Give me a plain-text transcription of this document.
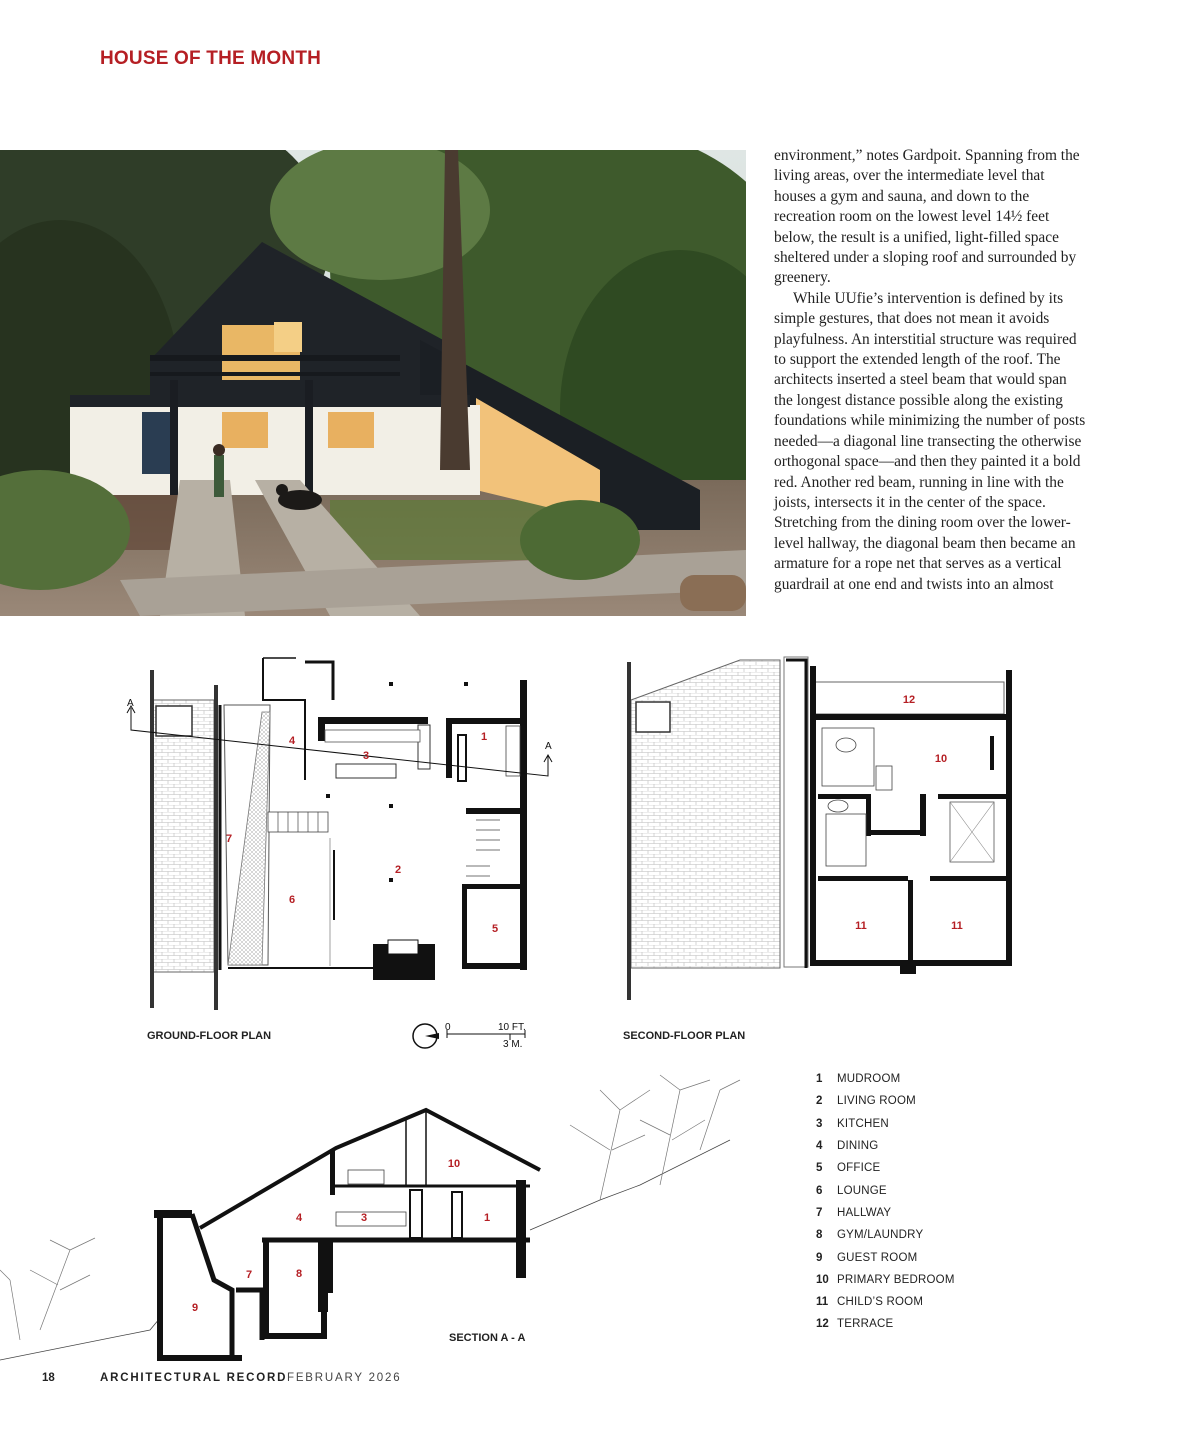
HOUSE OF THE MONTH

environment,” notes Gardpoit. Spanning from the living areas, over the intermediate level that houses a gym and sauna, and down to the recreation room on the lowest level 14½ feet below, the result is a unified, light-filled space sheltered under a sloping roof and surrounded by greenery.

While UUfie’s intervention is defined by its simple gestures, that does not mean it avoids playfulness. An interstitial structure was required to support the extended length of the roof. The architects inserted a steel beam that would span the longest distance possible along the existing foundations while minimizing the number of posts needed—a diagonal line transecting the otherwise orthogonal space—and then they painted it a bold red. Another red beam, running in line with the joists, intersects it in the center of the space. Stretching from the dining room over the lower-level hallway, the diagonal beam then became an armature for a rope net that serves as a vertical guardrail at one end and twists into an almost

A
A
0	10 FT.
3 M.
GROUND-FLOOR PLAN	SECOND-FLOOR PLAN
SECTION A - A
1
2
3
4
5
6
7
10
11	11
12
1
3
4
7	8
9
10
1	MUDROOM
2	LIVING ROOM
3	KITCHEN
4	DINING
5	OFFICE
6	LOUNGE
7	HALLWAY
8	GYM/LAUNDRY
9	GUEST ROOM
10 PRIMARY BEDROOM
11 CHILD’S ROOM
12 TERRACE
18	ARCHITECTURAL RECORD FEBRUARY 2026
